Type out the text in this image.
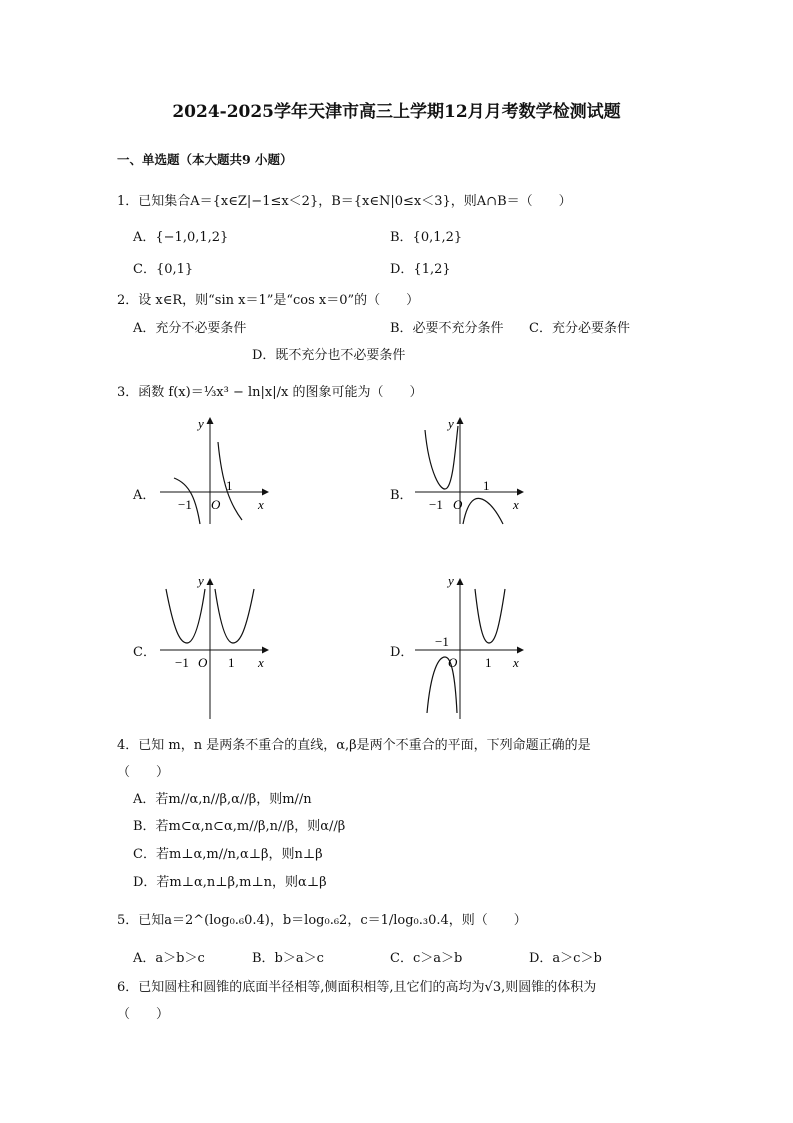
2024-2025学年天津市高三上学期12月月考数学检测试题
一、单选题（本大题共9 小题）
1．已知集合A＝{x∈Z|−1≤x＜2}，B＝{x∈N|0≤x＜3}，则A∩B＝（　　）
A．{−1,0,1,2}	B．{0,1,2}
C．{0,1}	D．{1,2}
2．设 x∈R，则“sin x＝1”是“cos x＝0”的（　　）
A．充分不必要条件	B．必要不充分条件 C．充分必要条件
D．既不充分也不必要条件
3．函数 f(x)＝⅓x³ − ln|x|/x 的图象可能为（　　）
A．	B．
C．	D．
y
x
O
−1
1
y
x
O
−1
1
y
x
O
−1	1
y
x
O
−1
1
4．已知 m，n 是两条不重合的直线，α,β是两个不重合的平面，下列命题正确的是
（　　）
A．若m//α,n//β,α//β，则m//n
B．若m⊂α,n⊂α,m//β,n//β，则α//β
C．若m⊥α,m//n,α⊥β，则n⊥β
D．若m⊥α,n⊥β,m⊥n，则α⊥β
5．已知a＝2^(log₀.₆0.4)，b＝log₀.₆2，c＝1/log₀.₃0.4，则（　　）
A．a＞b＞c	B．b＞a＞c	C．c＞a＞b	D．a＞c＞b
6．已知圆柱和圆锥的底面半径相等,侧面积相等,且它们的高均为√3,则圆锥的体积为
（　　）
